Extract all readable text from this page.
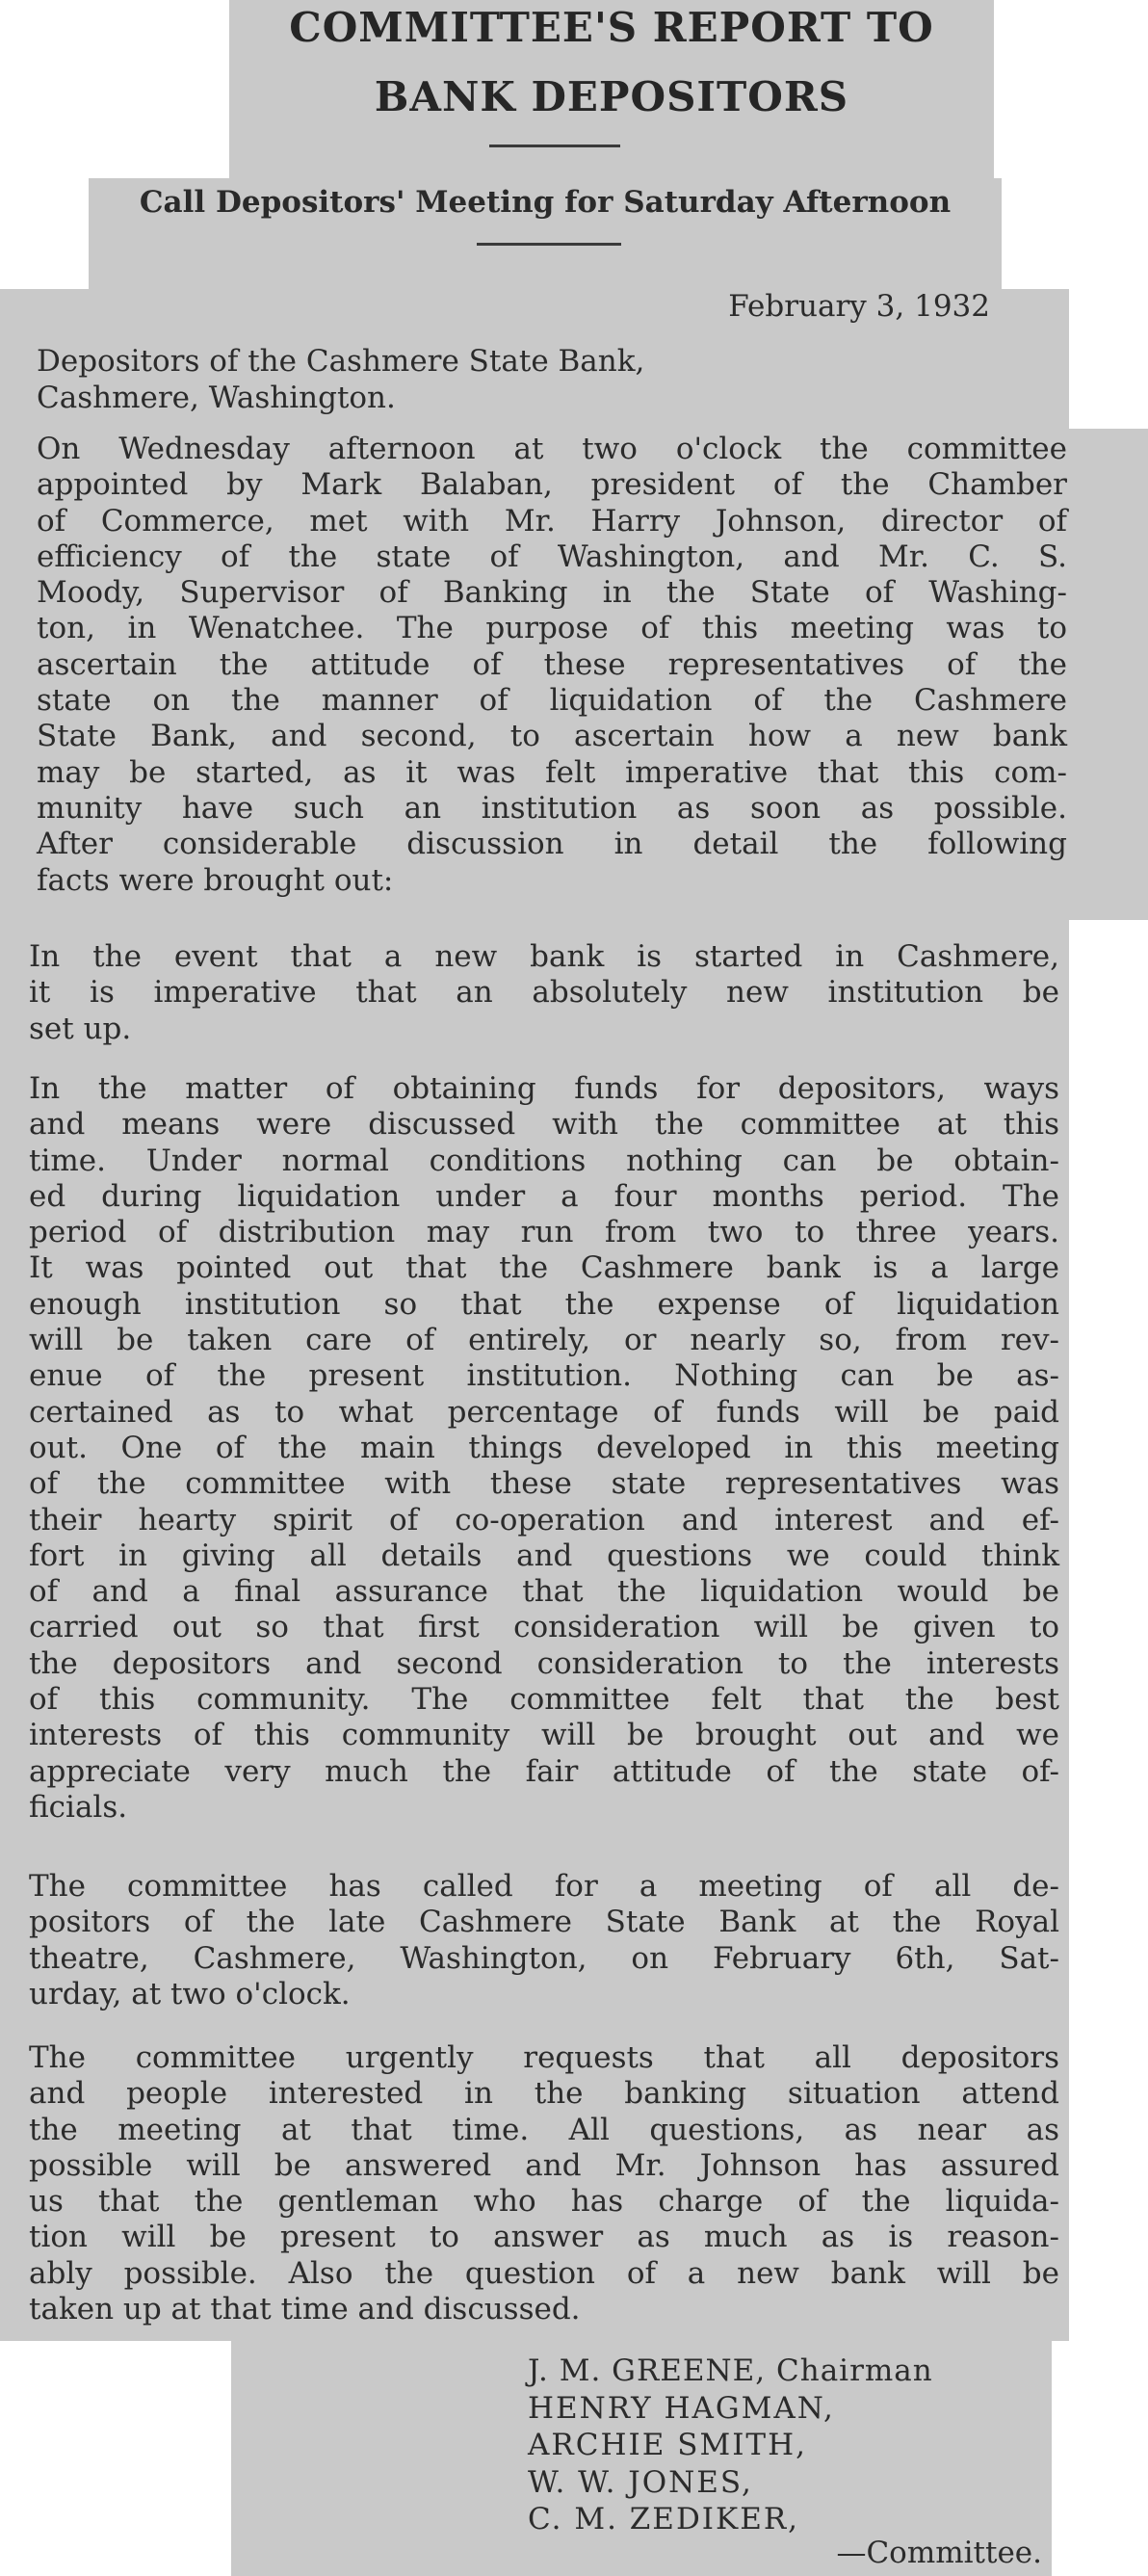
COMMITTEE'S REPORT TO
BANK DEPOSITORS
Call Depositors' Meeting for Saturday Afternoon
February 3, 1932
Depositors of the Cashmere State Bank,
Cashmere, Washington.
On Wednesday afternoon at two o'clock the committee
appointed by Mark Balaban, president of the Chamber
of Commerce, met with Mr. Harry Johnson, director of
efficiency of the state of Washington, and Mr. C. S.
Moody, Supervisor of Banking in the State of Washing-
ton, in Wenatchee. The purpose of this meeting was to
ascertain the attitude of these representatives of the
state on the manner of liquidation of the Cashmere
State Bank, and second, to ascertain how a new bank
may be started, as it was felt imperative that this com-
munity have such an institution as soon as possible.
After considerable discussion in detail the following
facts were brought out:
In the event that a new bank is started in Cashmere,
it is imperative that an absolutely new institution be
set up.
In the matter of obtaining funds for depositors, ways
and means were discussed with the committee at this
time. Under normal conditions nothing can be obtain-
ed during liquidation under a four months period. The
period of distribution may run from two to three years.
It was pointed out that the Cashmere bank is a large
enough institution so that the expense of liquidation
will be taken care of entirely, or nearly so, from rev-
enue of the present institution. Nothing can be as-
certained as to what percentage of funds will be paid
out. One of the main things developed in this meeting
of the committee with these state representatives was
their hearty spirit of co-operation and interest and ef-
fort in giving all details and questions we could think
of and a final assurance that the liquidation would be
carried out so that first consideration will be given to
the depositors and second consideration to the interests
of this community. The committee felt that the best
interests of this community will be brought out and we
appreciate very much the fair attitude of the state of-
ficials.
The committee has called for a meeting of all de-
positors of the late Cashmere State Bank at the Royal
theatre, Cashmere, Washington, on February 6th, Sat-
urday, at two o'clock.
The committee urgently requests that all depositors
and people interested in the banking situation attend
the meeting at that time. All questions, as near as
possible will be answered and Mr. Johnson has assured
us that the gentleman who has charge of the liquida-
tion will be present to answer as much as is reason-
ably possible. Also the question of a new bank will be
taken up at that time and discussed.
J. M. GREENE, Chairman
HENRY HAGMAN,
ARCHIE SMITH,
W. W. JONES,
C. M. ZEDIKER,
—Committee.
